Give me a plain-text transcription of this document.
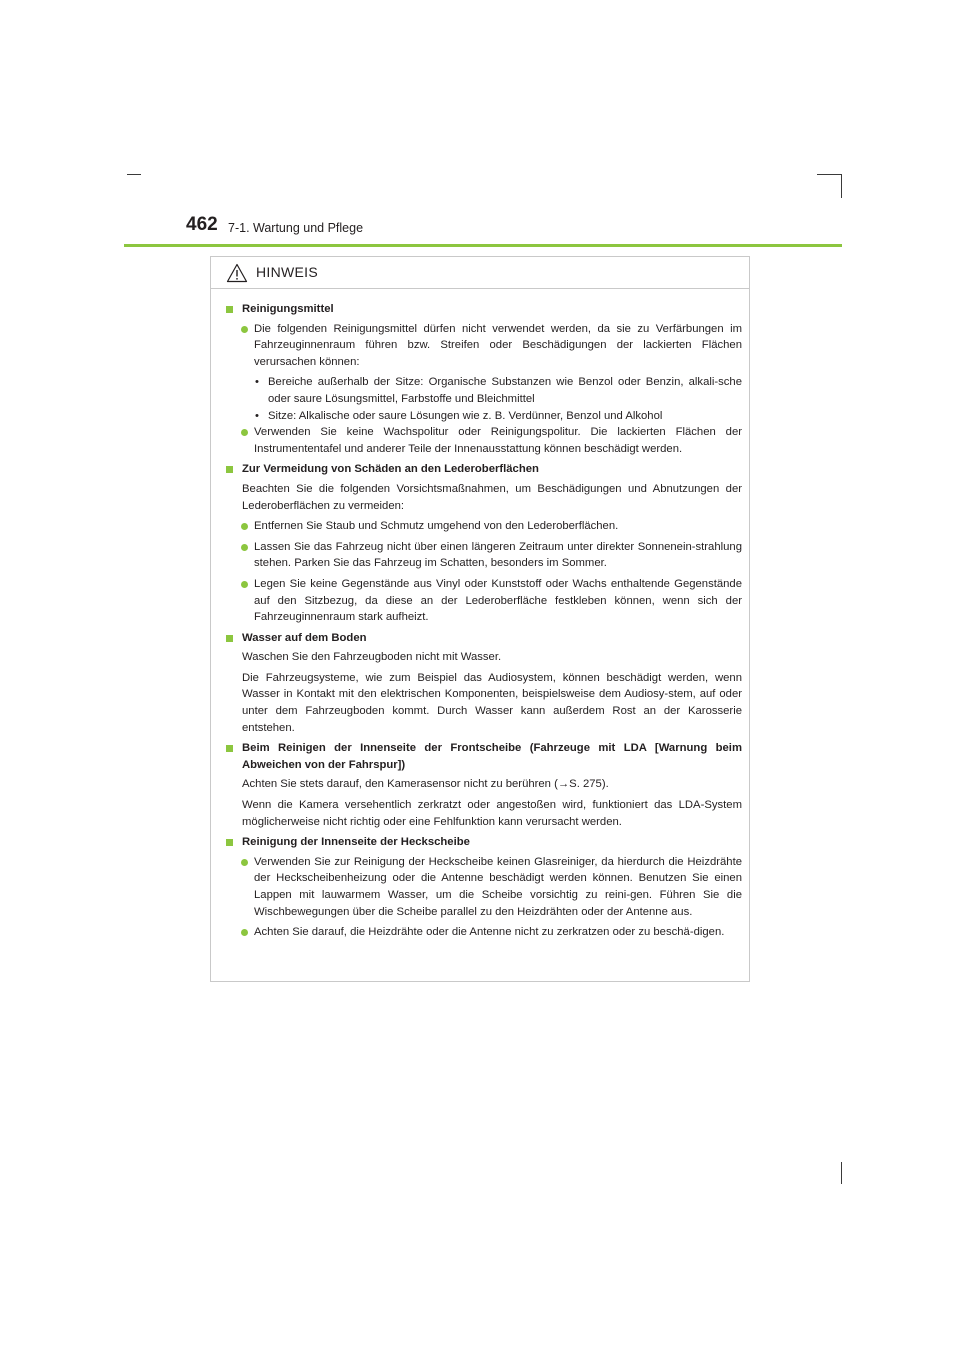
462 7-1. Wartung und Pflege
HINWEIS
Reinigungsmittel
Die folgenden Reinigungsmittel dürfen nicht verwendet werden, da sie zu Verfärbungen im Fahrzeuginnenraum führen bzw. Streifen oder Beschädigungen der lackierten Flächen verursachen können:
• Bereiche außerhalb der Sitze: Organische Substanzen wie Benzol oder Benzin, alkali-sche oder saure Lösungsmittel, Farbstoffe und Bleichmittel
• Sitze: Alkalische oder saure Lösungen wie z. B. Verdünner, Benzol und Alkohol
Verwenden Sie keine Wachspolitur oder Reinigungspolitur. Die lackierten Flächen der Instrumententafel und anderer Teile der Innenausstattung können beschädigt werden.
Zur Vermeidung von Schäden an den Lederoberflächen
Beachten Sie die folgenden Vorsichtsmaßnahmen, um Beschädigungen und Abnutzungen der Lederoberflächen zu vermeiden:
Entfernen Sie Staub und Schmutz umgehend von den Lederoberflächen.
Lassen Sie das Fahrzeug nicht über einen längeren Zeitraum unter direkter Sonnenein-strahlung stehen. Parken Sie das Fahrzeug im Schatten, besonders im Sommer.
Legen Sie keine Gegenstände aus Vinyl oder Kunststoff oder Wachs enthaltende Gegenstände auf den Sitzbezug, da diese an der Lederoberfläche festkleben können, wenn sich der Fahrzeuginnenraum stark aufheizt.
Wasser auf dem Boden
Waschen Sie den Fahrzeugboden nicht mit Wasser.
Die Fahrzeugsysteme, wie zum Beispiel das Audiosystem, können beschädigt werden, wenn Wasser in Kontakt mit den elektrischen Komponenten, beispielsweise dem Audiosy-stem, auf oder unter dem Fahrzeugboden kommt. Durch Wasser kann außerdem Rost an der Karosserie entstehen.
Beim Reinigen der Innenseite der Frontscheibe (Fahrzeuge mit LDA [Warnung beim Abweichen von der Fahrspur])
Achten Sie stets darauf, den Kamerasensor nicht zu berühren (→S. 275).
Wenn die Kamera versehentlich zerkratzt oder angestoßen wird, funktioniert das LDA-System möglicherweise nicht richtig oder eine Fehlfunktion kann verursacht werden.
Reinigung der Innenseite der Heckscheibe
Verwenden Sie zur Reinigung der Heckscheibe keinen Glasreiniger, da hierdurch die Heizdrähte der Heckscheibenheizung oder die Antenne beschädigt werden können. Benutzen Sie einen Lappen mit lauwarmem Wasser, um die Scheibe vorsichtig zu reini-gen. Führen Sie die Wischbewegungen über die Scheibe parallel zu den Heizdrähten oder der Antenne aus.
Achten Sie darauf, die Heizdrähte oder die Antenne nicht zu zerkratzen oder zu beschä-digen.
